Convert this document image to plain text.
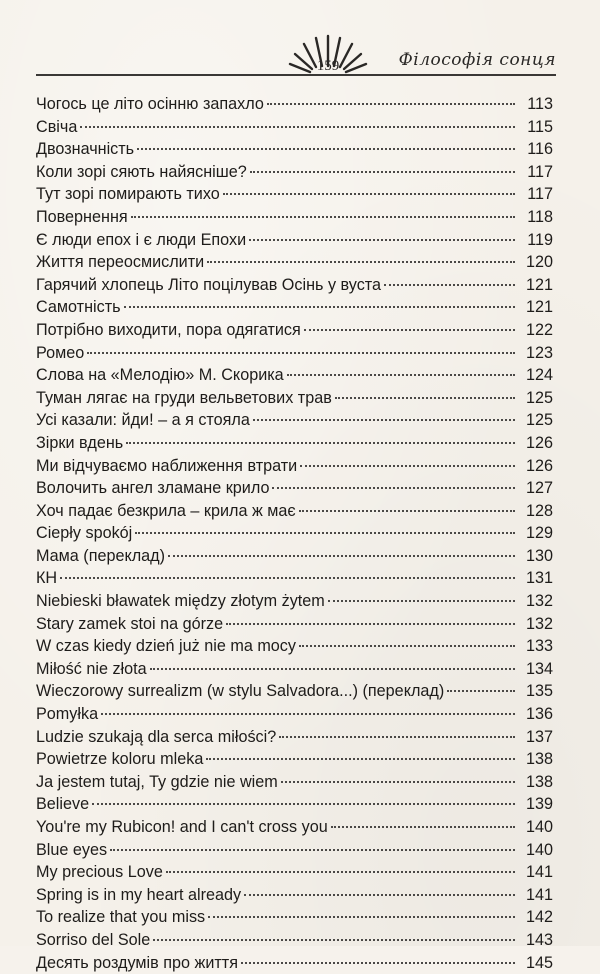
159	Філософія сонця
Чогось це літо осінню запахло	113
Свіча	115
Двозначність	116
Коли зорі сяють найясніше?	117
Тут зорі помирають тихо	117
Повернення	118
Є люди епох і є люди Епохи	119
Життя переосмислити	120
Гарячий хлопець Літо поцілував Осінь у вуста	121
Самотність	121
Потрібно виходити, пора одягатися	122
Ромео	123
Слова на «Мелодію» М. Скорика	124
Туман лягає на груди вельветових трав	125
Усі казали: йди! – а я стояла	125
Зірки вдень	126
Ми відчуваємо наближення втрати	126
Волочить ангел зламане крило	127
Хоч падає безкрила – крила ж має	128
Ciepły spokój	129
Мама (переклад)	130
КН	131
Niebieski bławatek między złotym żytem	132
Stary zamek stoi na górze	132
W czas kiedy dzień już nie ma mocy	133
Miłość nie złota	134
Wieczorowy surrealizm (w stylu Salvadora...) (переклад)	135
Pomyłka	136
Ludzie szukają dla serca miłości?	137
Powietrze koloru mleka	138
Ja jestem tutaj, Ty gdzie nie wiem	138
Believe	139
You're my Rubicon! and I can't cross you	140
Blue eyes	140
My precious Love	141
Spring is in my heart already	141
To realize that you miss	142
Sorriso del Sole	143
Десять роздумів про життя	145
